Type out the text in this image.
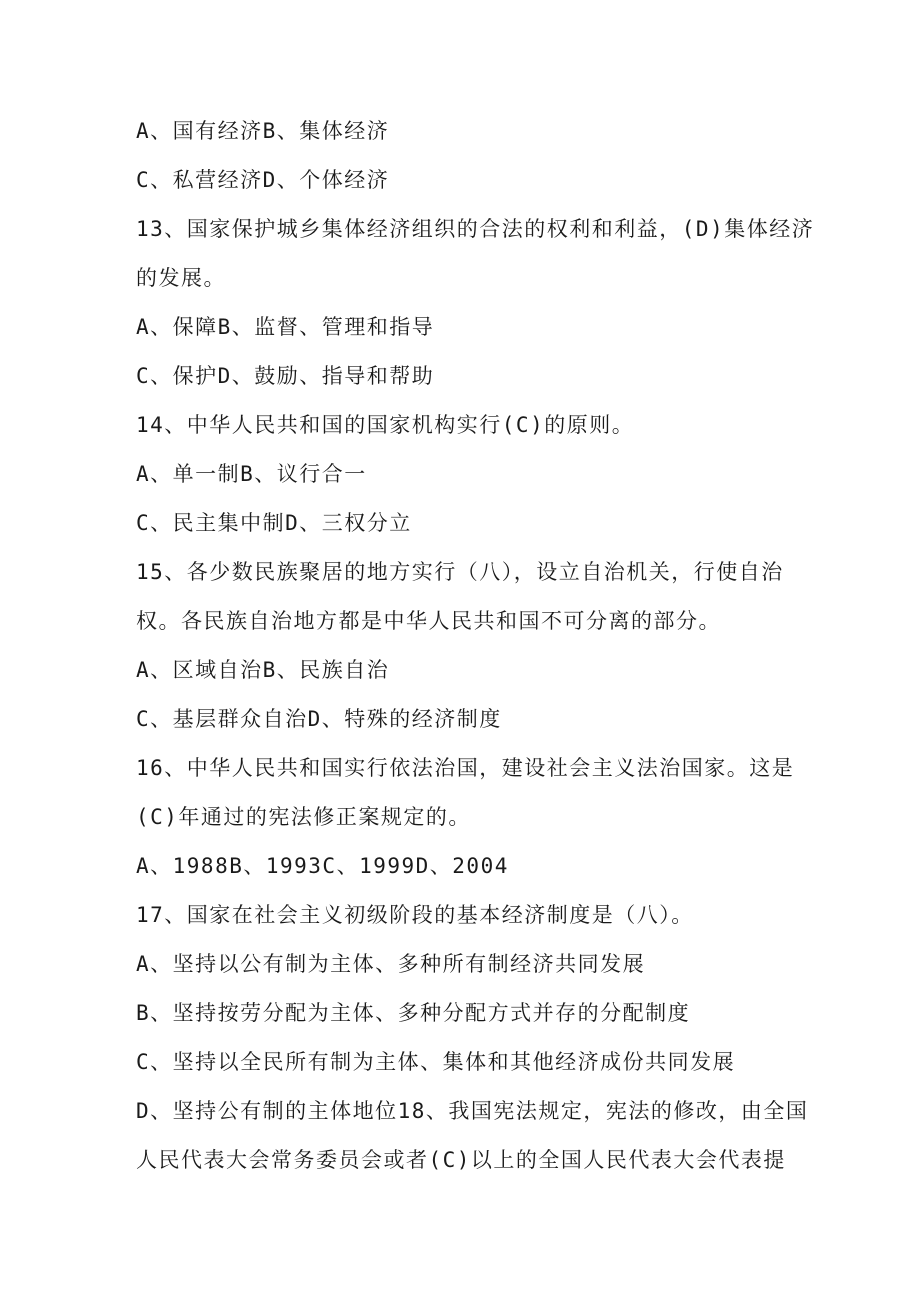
A、国有经济B、集体经济

C、私营经济D、个体经济

13、国家保护城乡集体经济组织的合法的权利和利益，(D)集体经济

的发展。

A、保障B、监督、管理和指导

C、保护D、鼓励、指导和帮助

14、中华人民共和国的国家机构实行(C)的原则。

A、单一制B、议行合一

C、民主集中制D、三权分立

15、各少数民族聚居的地方实行（八），设立自治机关，行使自治

权。各民族自治地方都是中华人民共和国不可分离的部分。

A、区域自治B、民族自治

C、基层群众自治D、特殊的经济制度

16、中华人民共和国实行依法治国，建设社会主义法治国家。这是

(C)年通过的宪法修正案规定的。

A、1988B、1993C、1999D、2004

17、国家在社会主义初级阶段的基本经济制度是（八）。

A、坚持以公有制为主体、多种所有制经济共同发展

B、坚持按劳分配为主体、多种分配方式并存的分配制度

C、坚持以全民所有制为主体、集体和其他经济成份共同发展

D、坚持公有制的主体地位18、我国宪法规定，宪法的修改，由全国

人民代表大会常务委员会或者(C)以上的全国人民代表大会代表提
